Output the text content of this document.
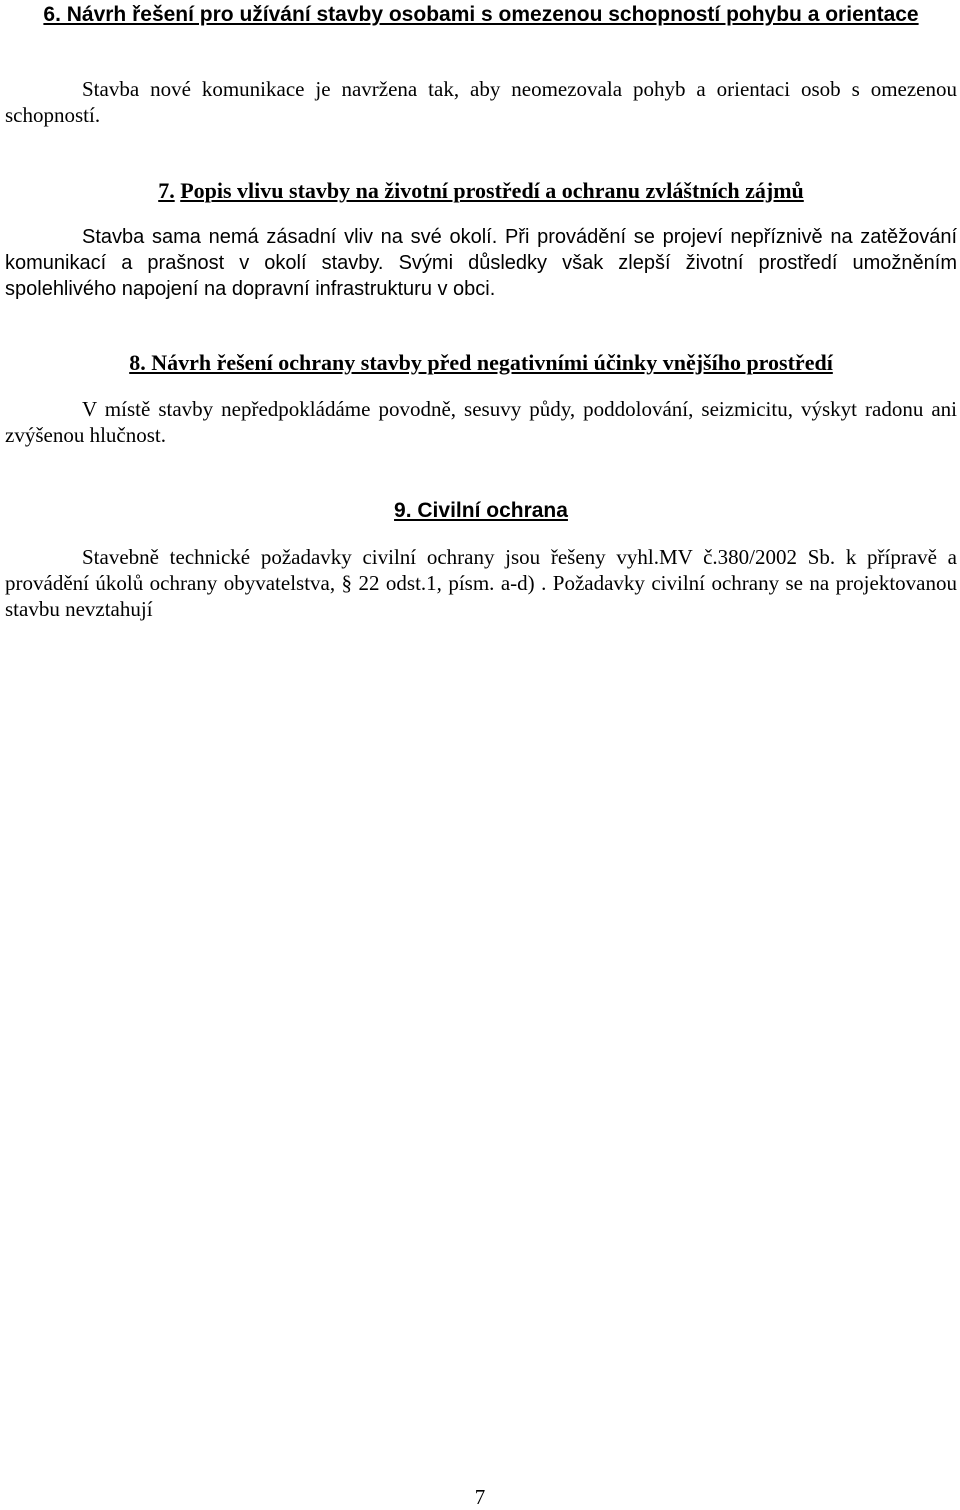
6. Návrh řešení pro užívání stavby osobami s omezenou schopností pohybu a orientace
Stavba nové komunikace je navržena tak, aby neomezovala pohyb a orientaci osob s omezenou schopností.
7. Popis vlivu stavby na životní prostředí a ochranu zvláštních zájmů
Stavba sama nemá zásadní vliv na své okolí. Při provádění se projeví nepříznivě na zatěžování komunikací a prašnost v okolí stavby. Svými důsledky však zlepší životní prostředí umožněním spolehlivého napojení na dopravní infrastrukturu v obci.
8. Návrh řešení ochrany stavby před negativními účinky vnějšího prostředí
V místě stavby nepředpokládáme povodně, sesuvy půdy, poddolování, seizmicitu, výskyt radonu ani zvýšenou hlučnost.
9. Civilní ochrana
Stavebně technické požadavky civilní ochrany jsou řešeny vyhl.MV č.380/2002 Sb. k přípravě a provádění úkolů ochrany obyvatelstva, § 22 odst.1, písm. a-d) . Požadavky civilní ochrany se na projektovanou stavbu nevztahují
7
